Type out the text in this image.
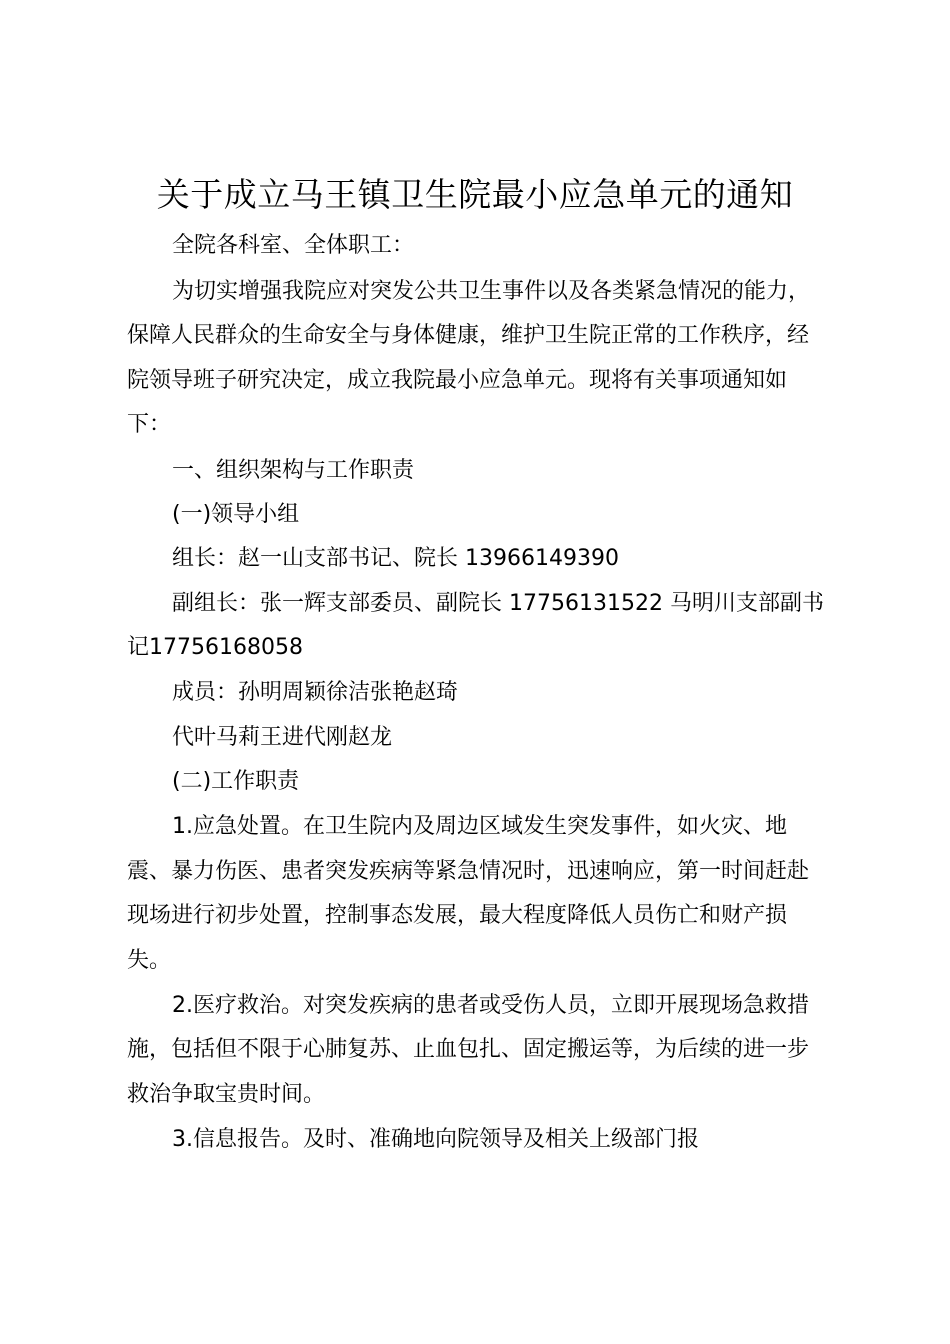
关于成立马王镇卫生院最小应急单元的通知
全院各科室、全体职工：
为切实增强我院应对突发公共卫生事件以及各类紧急情况的能力，
保障人民群众的生命安全与身体健康，维护卫生院正常的工作秩序，经
院领导班子研究决定，成立我院最小应急单元。现将有关事项通知如
下：
一、组织架构与工作职责
(一)领导小组
组长：赵一山支部书记、院长 13966149390
副组长：张一辉支部委员、副院长 17756131522 马明川支部副书
记17756168058
成员：孙明周颖徐洁张艳赵琦
代叶马莉王进代刚赵龙
(二)工作职责
1.应急处置。在卫生院内及周边区域发生突发事件，如火灾、地
震、暴力伤医、患者突发疾病等紧急情况时，迅速响应，第一时间赶赴
现场进行初步处置，控制事态发展，最大程度降低人员伤亡和财产损
失。
2.医疗救治。对突发疾病的患者或受伤人员，立即开展现场急救措
施，包括但不限于心肺复苏、止血包扎、固定搬运等，为后续的进一步
救治争取宝贵时间。
3.信息报告。及时、准确地向院领导及相关上级部门报
